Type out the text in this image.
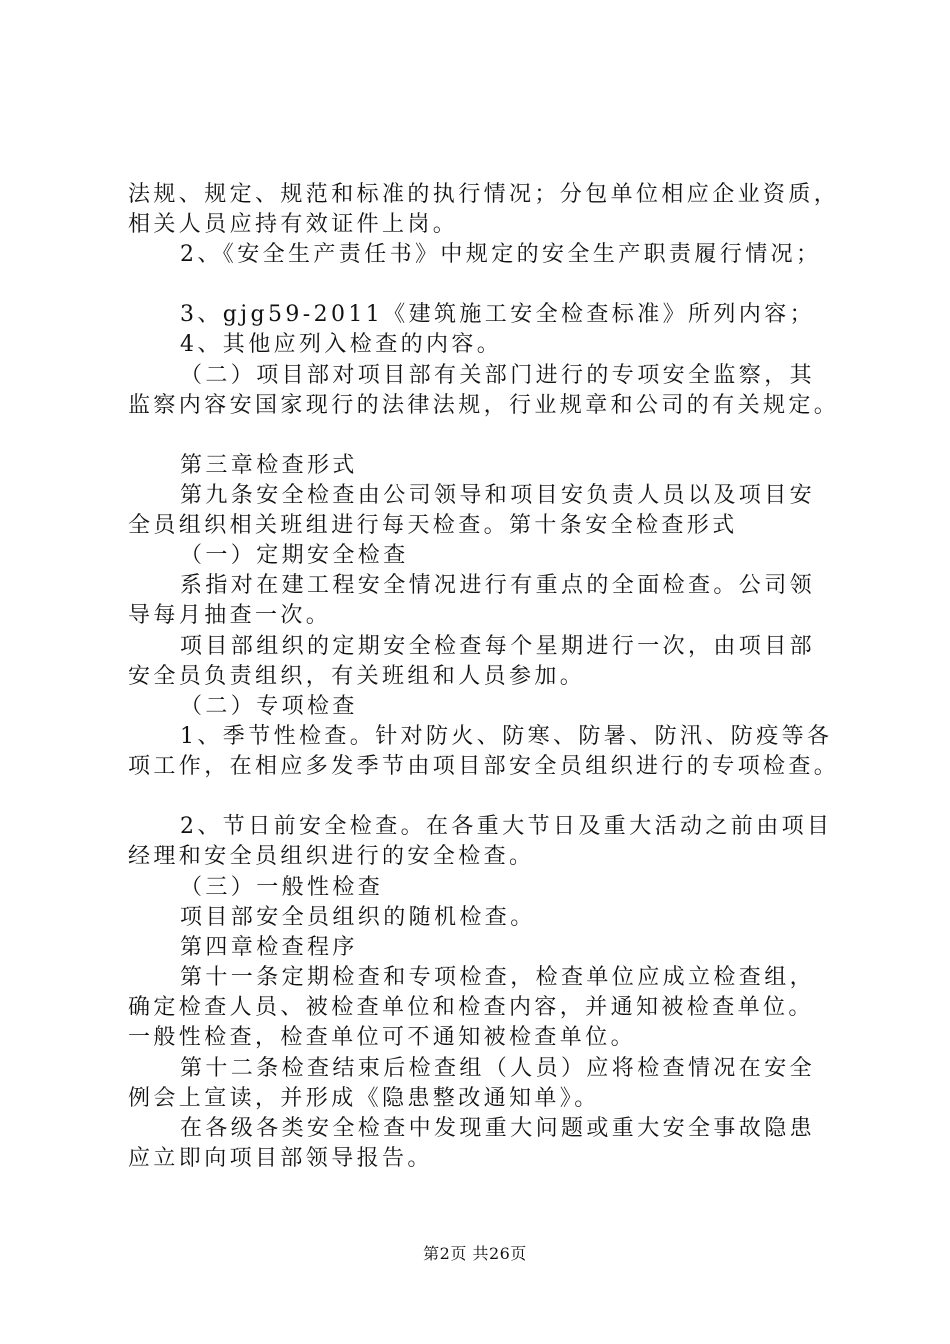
法规、规定、规范和标准的执行情况；分包单位相应企业资质，
相关人员应持有效证件上岗。
2、《安全生产责任书》中规定的安全生产职责履行情况；
3、gjg59-2011《建筑施工安全检查标准》所列内容；
4、其他应列入检查的内容。
（二）项目部对项目部有关部门进行的专项安全监察，其
监察内容安国家现行的法律法规，行业规章和公司的有关规定。
第三章检查形式
第九条安全检查由公司领导和项目安负责人员以及项目安
全员组织相关班组进行每天检查。第十条安全检查形式
（一）定期安全检查
系指对在建工程安全情况进行有重点的全面检查。公司领
导每月抽查一次。
项目部组织的定期安全检查每个星期进行一次，由项目部
安全员负责组织，有关班组和人员参加。
（二）专项检查
1、季节性检查。针对防火、防寒、防暑、防汛、防疫等各
项工作，在相应多发季节由项目部安全员组织进行的专项检查。
2、节日前安全检查。在各重大节日及重大活动之前由项目
经理和安全员组织进行的安全检查。
（三）一般性检查
项目部安全员组织的随机检查。
第四章检查程序
第十一条定期检查和专项检查，检查单位应成立检查组，
确定检查人员、被检查单位和检查内容，并通知被检查单位。
一般性检查，检查单位可不通知被检查单位。
第十二条检查结束后检查组（人员）应将检查情况在安全
例会上宣读，并形成《隐患整改通知单》。
在各级各类安全检查中发现重大问题或重大安全事故隐患
应立即向项目部领导报告。
第2页 共26页
